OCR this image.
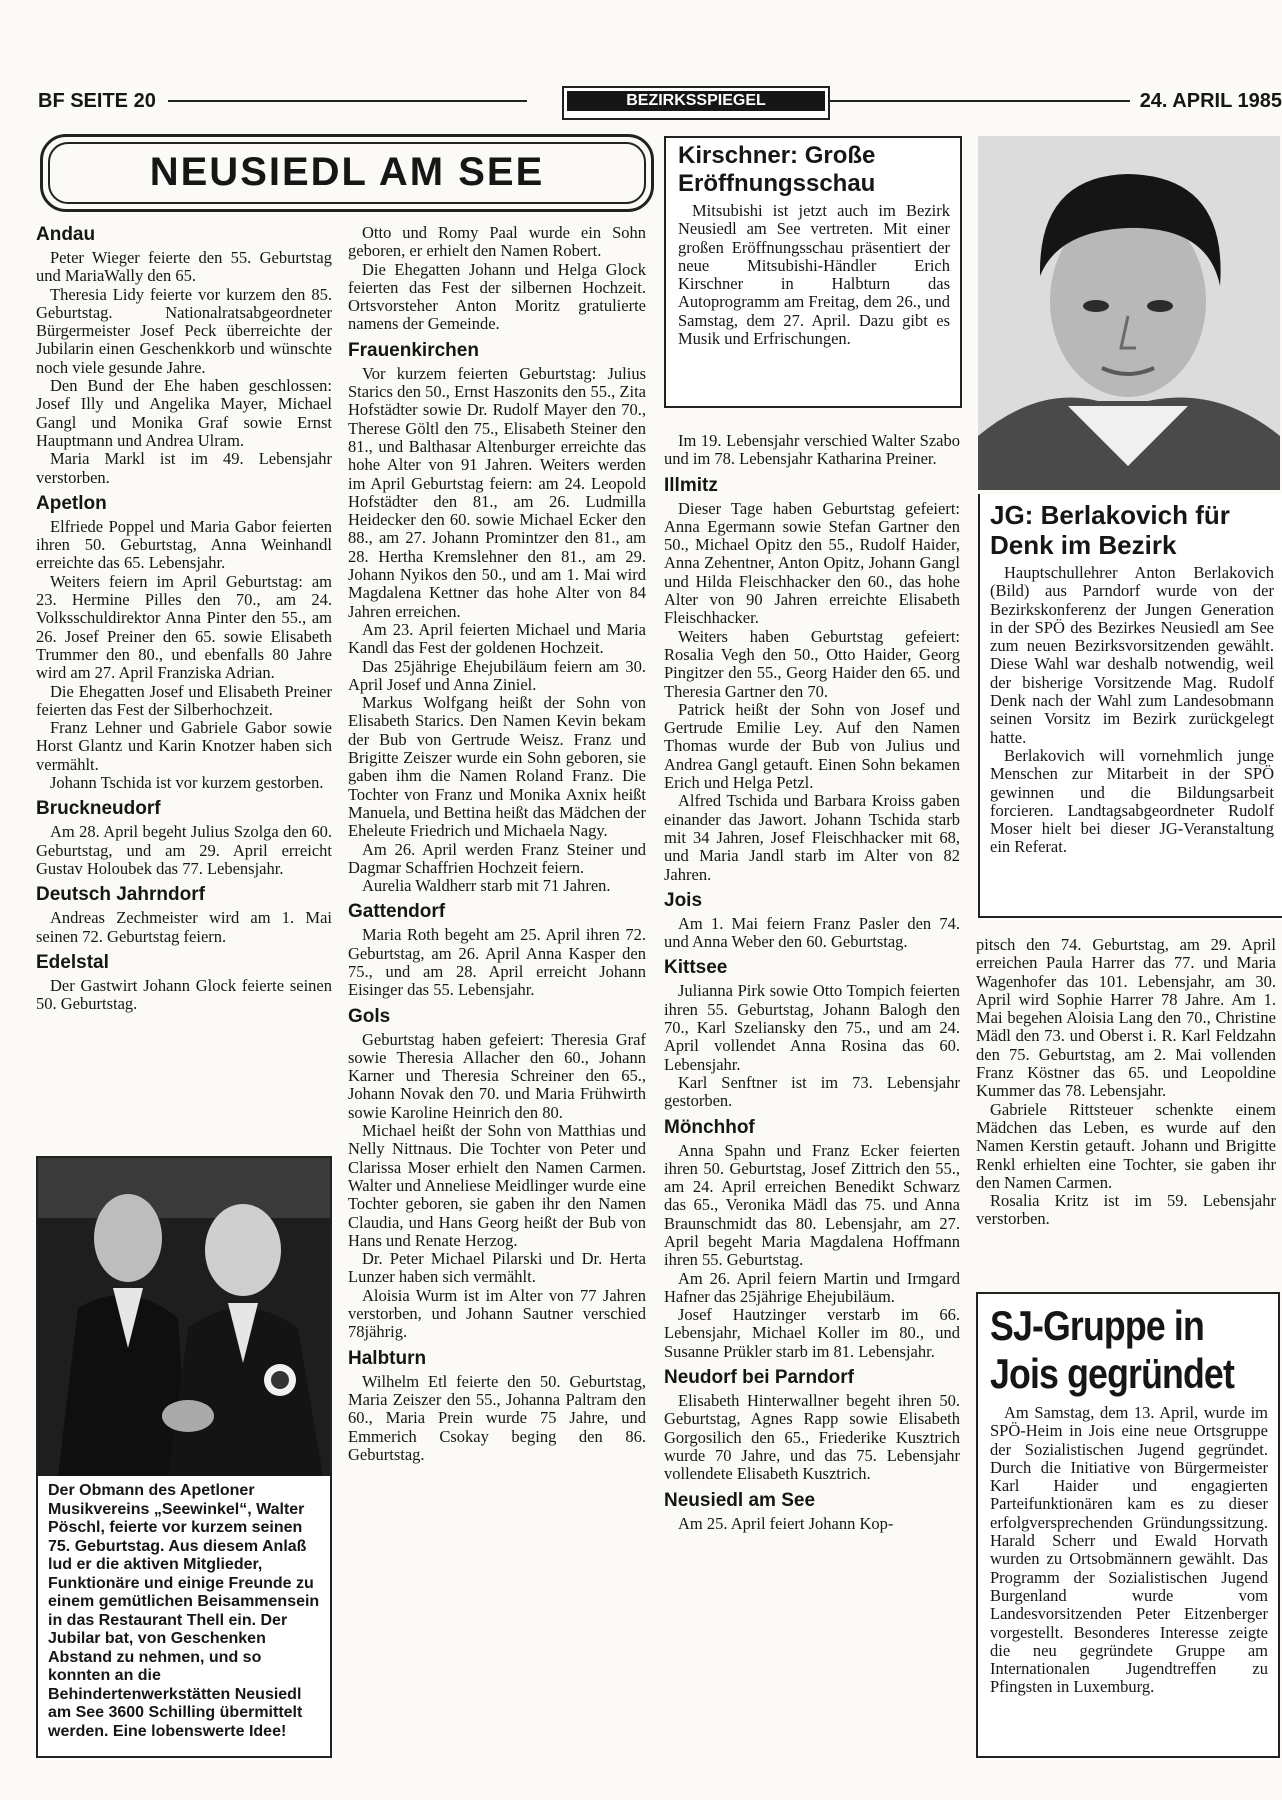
BF SEITE 20	BEZIRKSSPIEGEL	24. APRIL 1985
NEUSIEDL AM SEE
Andau

Peter Wieger feierte den 55. Geburtstag und MariaWally den 65.

Theresia Lidy feierte vor kurzem den 85. Geburtstag. Nationalratsabgeordneter Bürgermeister Josef Peck überreichte der Jubilarin einen Geschenkkorb und wünschte noch viele gesunde Jahre.

Den Bund der Ehe haben geschlossen: Josef Illy und Angelika Mayer, Michael Gangl und Monika Graf sowie Ernst Hauptmann und Andrea Ulram.

Maria Markl ist im 49. Lebensjahr verstorben.

Apetlon

Elfriede Poppel und Maria Gabor feierten ihren 50. Geburtstag, Anna Weinhandl erreichte das 65. Lebensjahr.

Weiters feiern im April Geburtstag: am 23. Hermine Pilles den 70., am 24. Volksschuldirektor Anna Pinter den 55., am 26. Josef Preiner den 65. sowie Elisabeth Trummer den 80., und ebenfalls 80 Jahre wird am 27. April Franziska Adrian.

Die Ehegatten Josef und Elisabeth Preiner feierten das Fest der Silberhochzeit.

Franz Lehner und Gabriele Gabor sowie Horst Glantz und Karin Knotzer haben sich vermählt.

Johann Tschida ist vor kurzem gestorben.

Bruckneudorf

Am 28. April begeht Julius Szolga den 60. Geburtstag, und am 29. April erreicht Gustav Holoubek das 77. Lebensjahr.

Deutsch Jahrndorf

Andreas Zechmeister wird am 1. Mai seinen 72. Geburtstag feiern.

Edelstal

Der Gastwirt Johann Glock feierte seinen 50. Geburtstag.

Der Obmann des Apetloner Musikvereins „Seewinkel“, Walter Pöschl, feierte vor kurzem seinen 75. Geburtstag. Aus diesem Anlaß lud er die aktiven Mitglieder, Funktionäre und einige Freunde zu einem gemütlichen Beisammensein in das Restaurant Thell ein. Der Jubilar bat, von Geschenken Abstand zu nehmen, und so konnten an die Behindertenwerkstätten Neusiedl am See 3600 Schilling übermittelt werden. Eine lobenswerte Idee!

Otto und Romy Paal wurde ein Sohn geboren, er erhielt den Namen Robert.

Die Ehegatten Johann und Helga Glock feierten das Fest der silbernen Hochzeit. Ortsvorsteher Anton Moritz gratulierte namens der Gemeinde.

Frauenkirchen

Vor kurzem feierten Geburtstag: Julius Starics den 50., Ernst Haszonits den 55., Zita Hofstädter sowie Dr. Rudolf Mayer den 70., Therese Göltl den 75., Elisabeth Steiner den 81., und Balthasar Altenburger erreichte das hohe Alter von 91 Jahren. Weiters werden im April Geburtstag feiern: am 24. Leopold Hofstädter den 81., am 26. Ludmilla Heidecker den 60. sowie Michael Ecker den 88., am 27. Johann Promintzer den 81., am 28. Hertha Kremslehner den 81., am 29. Johann Nyikos den 50., und am 1. Mai wird Magdalena Kettner das hohe Alter von 84 Jahren erreichen.

Am 23. April feierten Michael und Maria Kandl das Fest der goldenen Hochzeit.

Das 25jährige Ehejubiläum feiern am 30. April Josef und Anna Ziniel.

Markus Wolfgang heißt der Sohn von Elisabeth Starics. Den Namen Kevin bekam der Bub von Gertrude Weisz. Franz und Brigitte Zeiszer wurde ein Sohn geboren, sie gaben ihm die Namen Roland Franz. Die Tochter von Franz und Monika Axnix heißt Manuela, und Bettina heißt das Mädchen der Eheleute Friedrich und Michaela Nagy.

Am 26. April werden Franz Steiner und Dagmar Schaffrien Hochzeit feiern.

Aurelia Waldherr starb mit 71 Jahren.

Gattendorf

Maria Roth begeht am 25. April ihren 72. Geburtstag, am 26. April Anna Kasper den 75., und am 28. April erreicht Johann Eisinger das 55. Lebensjahr.

Gols

Geburtstag haben gefeiert: Theresia Graf sowie Theresia Allacher den 60., Johann Karner und Theresia Schreiner den 65., Johann Novak den 70. und Maria Frühwirth sowie Karoline Heinrich den 80.

Michael heißt der Sohn von Matthias und Nelly Nittnaus. Die Tochter von Peter und Clarissa Moser erhielt den Namen Carmen. Walter und Anneliese Meidlinger wurde eine Tochter geboren, sie gaben ihr den Namen Claudia, und Hans Georg heißt der Bub von Hans und Renate Herzog.

Dr. Peter Michael Pilarski und Dr. Herta Lunzer haben sich vermählt.

Aloisia Wurm ist im Alter von 77 Jahren verstorben, und Johann Sautner verschied 78jährig.

Halbturn

Wilhelm Etl feierte den 50. Geburtstag, Maria Zeiszer den 55., Johanna Paltram den 60., Maria Prein wurde 75 Jahre, und Emmerich Csokay beging den 86. Geburtstag.

Kirschner: Große Eröffnungsschau

Mitsubishi ist jetzt auch im Bezirk Neusiedl am See vertreten. Mit einer großen Eröffnungsschau präsentiert der neue Mitsubishi-Händler Erich Kirschner in Halbturn das Autoprogramm am Freitag, dem 26., und Samstag, dem 27. April. Dazu gibt es Musik und Erfrischungen.

Im 19. Lebensjahr verschied Walter Szabo und im 78. Lebensjahr Katharina Preiner.

Illmitz

Dieser Tage haben Geburtstag gefeiert: Anna Egermann sowie Stefan Gartner den 50., Michael Opitz den 55., Rudolf Haider, Anna Zehentner, Anton Opitz, Johann Gangl und Hilda Fleischhacker den 60., das hohe Alter von 90 Jahren erreichte Elisabeth Fleischhacker.

Weiters haben Geburtstag gefeiert: Rosalia Vegh den 50., Otto Haider, Georg Pingitzer den 55., Georg Haider den 65. und Theresia Gartner den 70.

Patrick heißt der Sohn von Josef und Gertrude Emilie Ley. Auf den Namen Thomas wurde der Bub von Julius und Andrea Gangl getauft. Einen Sohn bekamen Erich und Helga Petzl.

Alfred Tschida und Barbara Kroiss gaben einander das Jawort. Johann Tschida starb mit 34 Jahren, Josef Fleischhacker mit 68, und Maria Jandl starb im Alter von 82 Jahren.

Jois

Am 1. Mai feiern Franz Pasler den 74. und Anna Weber den 60. Geburtstag.

Kittsee

Julianna Pirk sowie Otto Tompich feierten ihren 55. Geburtstag, Johann Balogh den 70., Karl Szeliansky den 75., und am 24. April vollendet Anna Rosina das 60. Lebensjahr.

Karl Senftner ist im 73. Lebensjahr gestorben.

Mönchhof

Anna Spahn und Franz Ecker feierten ihren 50. Geburtstag, Josef Zittrich den 55., am 24. April erreichen Benedikt Schwarz das 65., Veronika Mädl das 75. und Anna Braunschmidt das 80. Lebensjahr, am 27. April begeht Maria Magdalena Hoffmann ihren 55. Geburtstag.

Am 26. April feiern Martin und Irmgard Hafner das 25jährige Ehejubiläum.

Josef Hautzinger verstarb im 66. Lebensjahr, Michael Koller im 80., und Susanne Prükler starb im 81. Lebensjahr.

Neudorf bei Parndorf

Elisabeth Hinterwallner begeht ihren 50. Geburtstag, Agnes Rapp sowie Elisabeth Gorgosilich den 65., Friederike Kusztrich wurde 70 Jahre, und das 75. Lebensjahr vollendete Elisabeth Kusztrich.

Neusiedl am See

Am 25. April feiert Johann Kop-

JG: Berlakovich für Denk im Bezirk

Hauptschullehrer Anton Berlakovich (Bild) aus Parndorf wurde von der Bezirkskonferenz der Jungen Generation in der SPÖ des Bezirkes Neusiedl am See zum neuen Bezirksvorsitzenden gewählt. Diese Wahl war deshalb notwendig, weil der bisherige Vorsitzende Mag. Rudolf Denk nach der Wahl zum Landesobmann seinen Vorsitz im Bezirk zurückgelegt hatte.

Berlakovich will vornehmlich junge Menschen zur Mitarbeit in der SPÖ gewinnen und die Bildungsarbeit forcieren. Landtagsabgeordneter Rudolf Moser hielt bei dieser JG-Veranstaltung ein Referat.

pitsch den 74. Geburtstag, am 29. April erreichen Paula Harrer das 77. und Maria Wagenhofer das 101. Lebensjahr, am 30. April wird Sophie Harrer 78 Jahre. Am 1. Mai begehen Aloisia Lang den 70., Christine Mädl den 73. und Oberst i. R. Karl Feldzahn den 75. Geburtstag, am 2. Mai vollenden Franz Köstner das 65. und Leopoldine Kummer das 78. Lebensjahr.

Gabriele Rittsteuer schenkte einem Mädchen das Leben, es wurde auf den Namen Kerstin getauft. Johann und Brigitte Renkl erhielten eine Tochter, sie gaben ihr den Namen Carmen.

Rosalia Kritz ist im 59. Lebensjahr verstorben.

SJ-Gruppe in
Jois gegründet

Am Samstag, dem 13. April, wurde im SPÖ-Heim in Jois eine neue Ortsgruppe der Sozialistischen Jugend gegründet. Durch die Initiative von Bürgermeister Karl Haider und engagierten Parteifunktionären kam es zu dieser erfolgversprechenden Gründungssitzung. Harald Scherr und Ewald Horvath wurden zu Ortsobmännern gewählt. Das Programm der Sozialistischen Jugend Burgenland wurde vom Landesvorsitzenden Peter Eitzenberger vorgestellt. Besonderes Interesse zeigte die neu gegründete Gruppe am Internationalen Jugendtreffen zu Pfingsten in Luxemburg.
